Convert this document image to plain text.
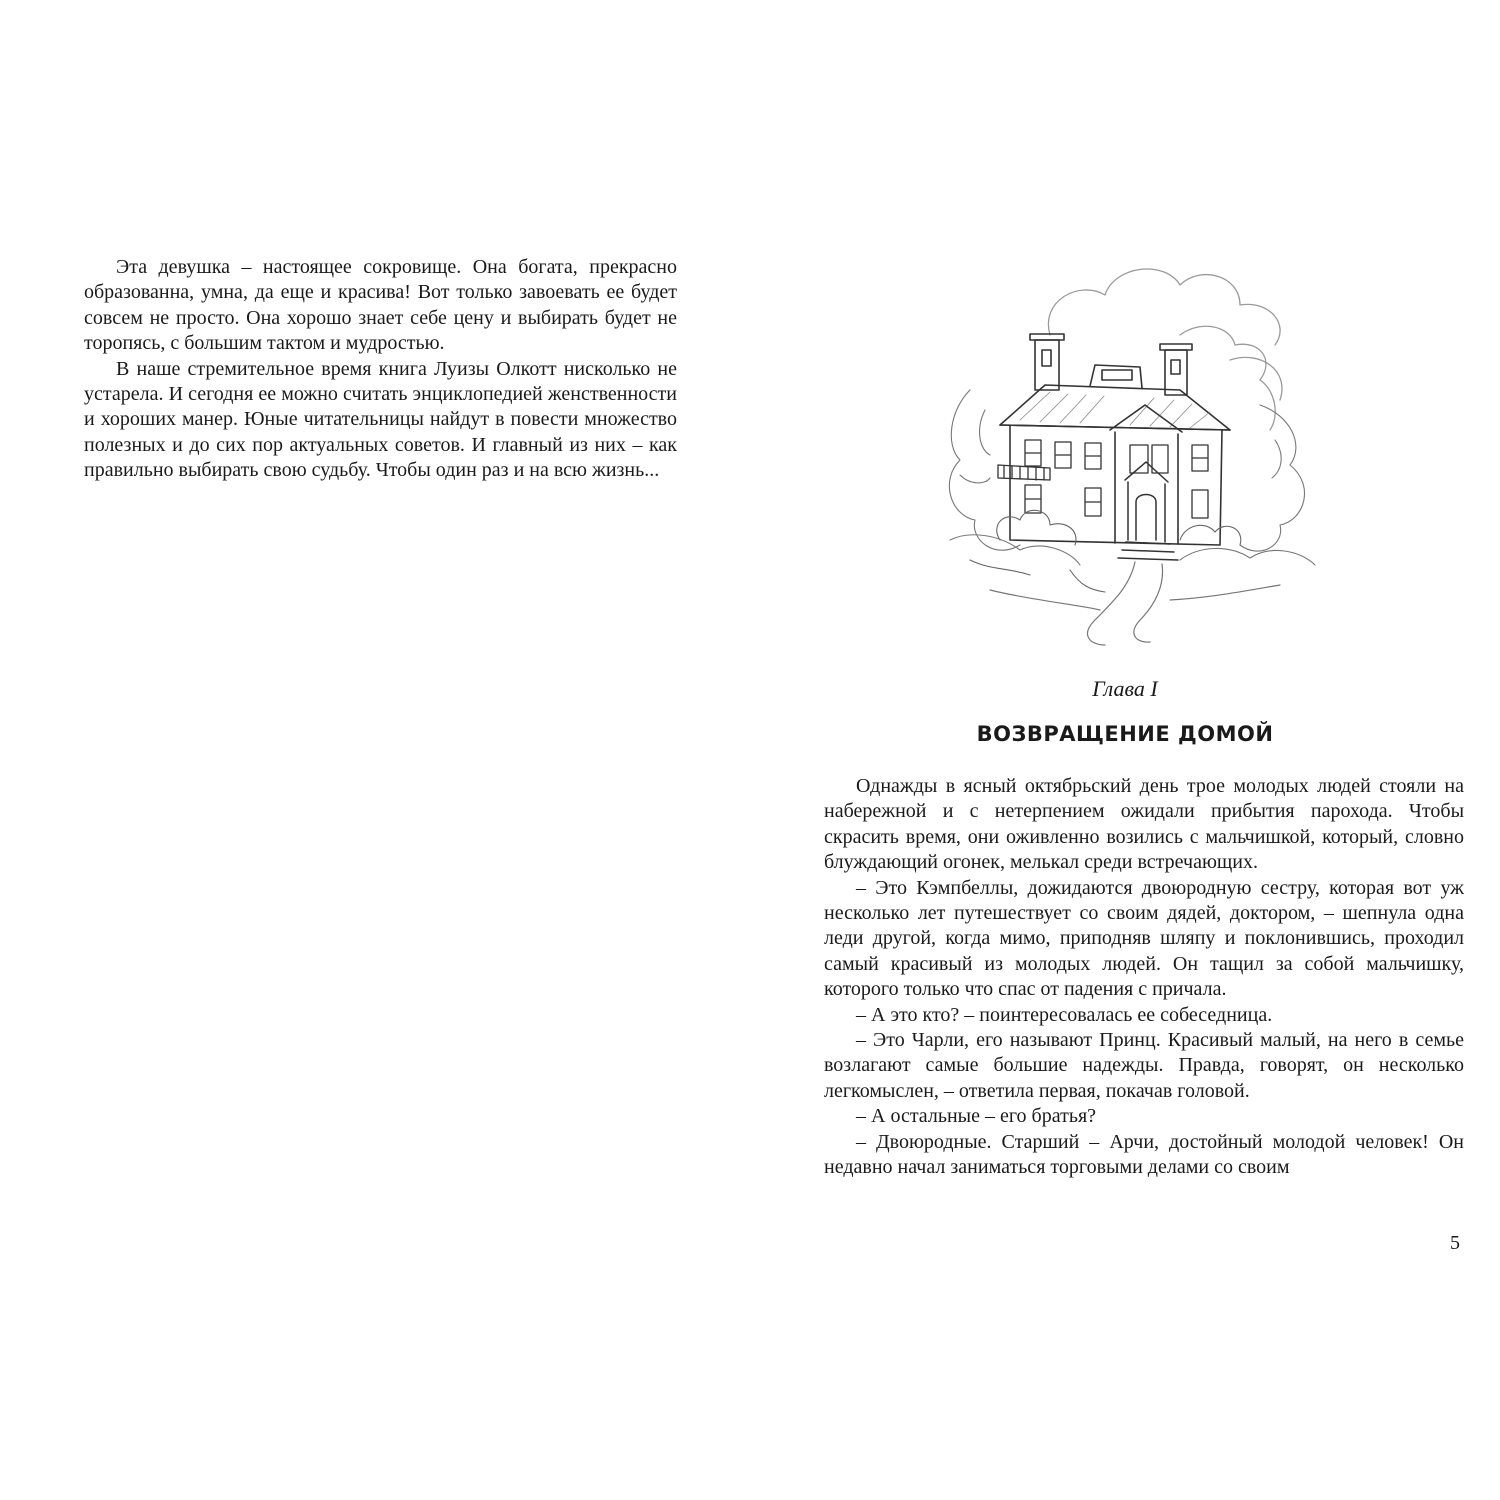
Эта девушка – настоящее сокровище. Она богата, прекрасно образованна, умна, да еще и красива! Вот только завоевать ее будет совсем не просто. Она хорошо знает себе цену и выбирать будет не торопясь, с большим тактом и мудростью.

В наше стремительное время книга Луизы Олкотт нисколько не устарела. И сегодня ее можно считать энциклопедией женственности и хороших манер. Юные читательницы найдут в повести множество полезных и до сих пор актуальных советов. И главный из них – как правильно выбирать свою судьбу. Чтобы один раз и на всю жизнь...

Глава I

ВОЗВРАЩЕНИЕ ДОМОЙ

Однажды в ясный октябрьский день трое молодых людей стояли на набережной и с нетерпением ожидали прибытия парохода. Чтобы скрасить время, они оживленно возились с мальчишкой, который, словно блуждающий огонек, мелькал среди встречающих.

– Это Кэмпбеллы, дожидаются двоюродную сестру, которая вот уж несколько лет путешествует со своим дядей, доктором, – шепнула одна леди другой, когда мимо, приподняв шляпу и поклонившись, проходил самый красивый из молодых людей. Он тащил за собой мальчишку, которого только что спас от падения с причала.

– А это кто? – поинтересовалась ее собеседница.

– Это Чарли, его называют Принц. Красивый малый, на него в семье возлагают самые большие надежды. Правда, говорят, он несколько легкомыслен, – ответила первая, покачав головой.

– А остальные – его братья?

– Двоюродные. Старший – Арчи, достойный молодой человек! Он недавно начал заниматься торговыми делами со своим

5
